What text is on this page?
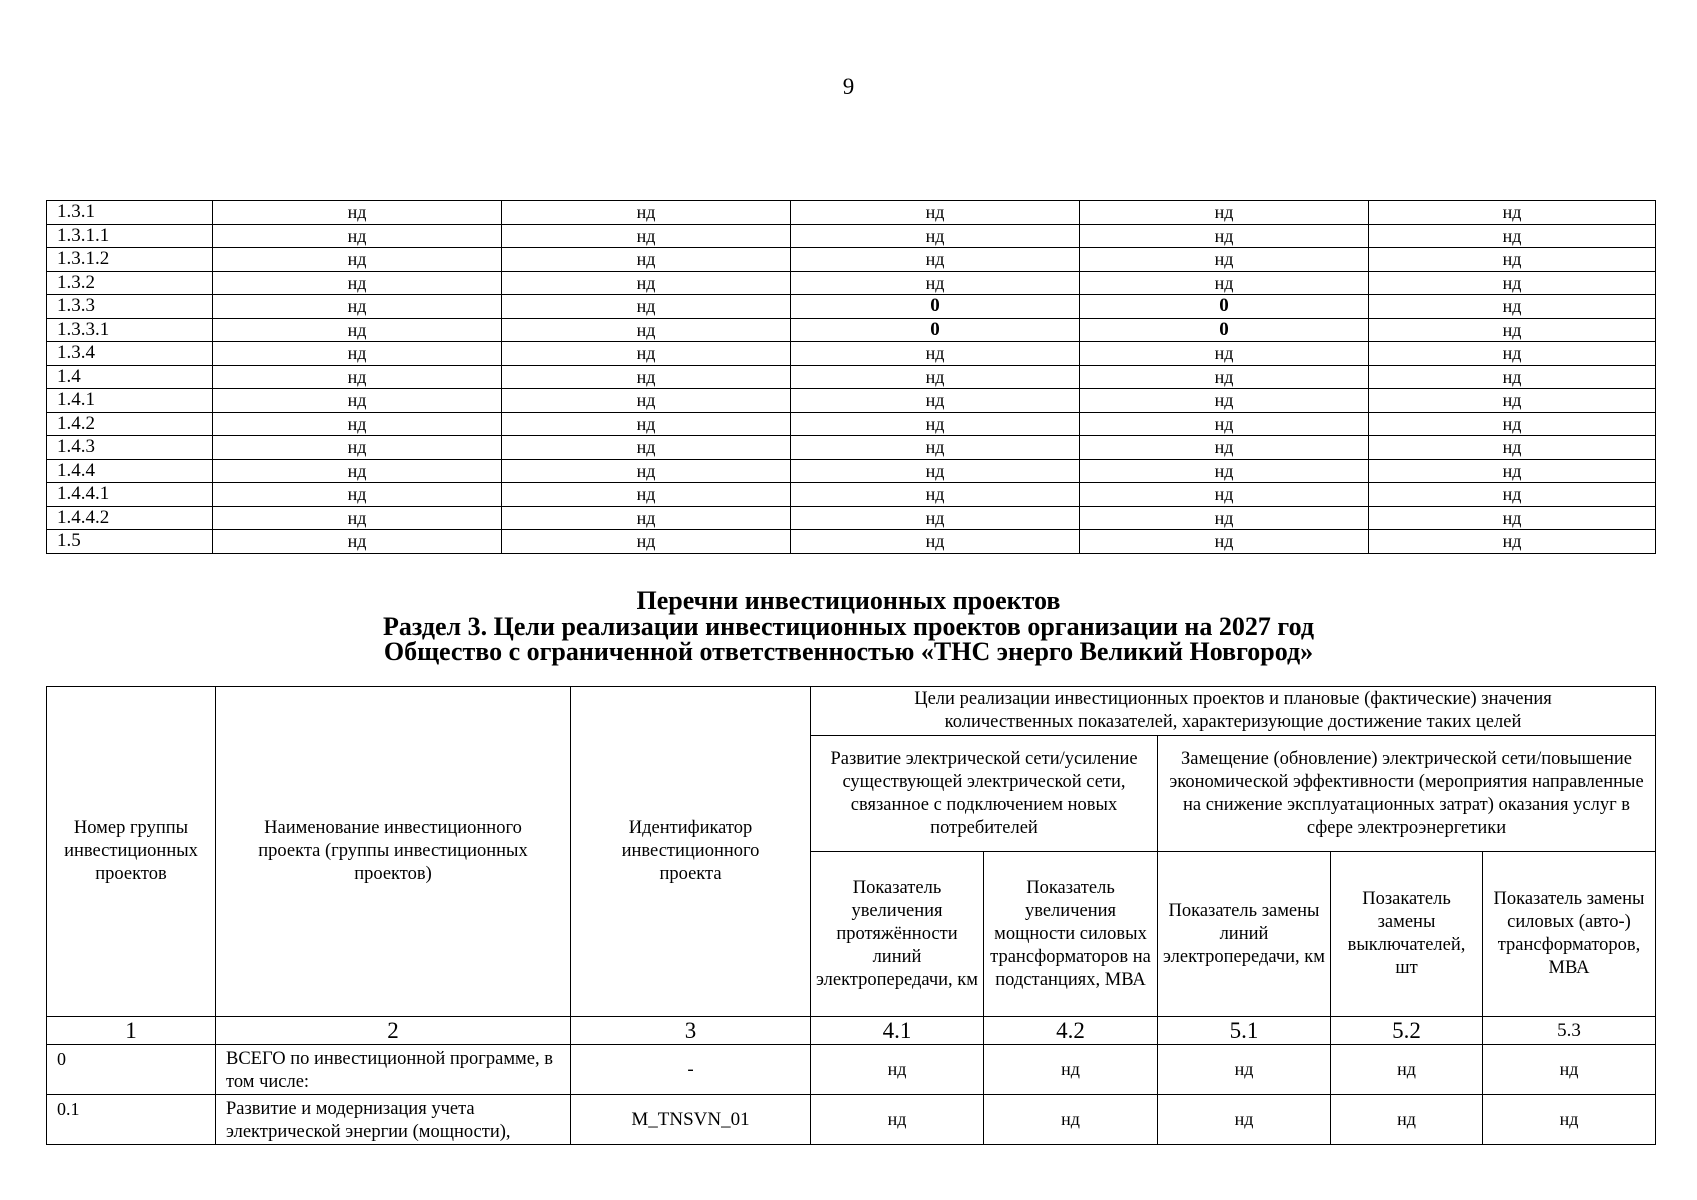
9
1.3.1	нд	нд	нд	нд	нд
1.3.1.1	нд	нд	нд	нд	нд
1.3.1.2	нд	нд	нд	нд	нд
1.3.2	нд	нд	нд	нд	нд
1.3.3	нд	нд	0	0	нд
1.3.3.1	нд	нд	0	0	нд
1.3.4	нд	нд	нд	нд	нд
1.4	нд	нд	нд	нд	нд
1.4.1	нд	нд	нд	нд	нд
1.4.2	нд	нд	нд	нд	нд
1.4.3	нд	нд	нд	нд	нд
1.4.4	нд	нд	нд	нд	нд
1.4.4.1	нд	нд	нд	нд	нд
1.4.4.2	нд	нд	нд	нд	нд
1.5	нд	нд	нд	нд	нд
Перечни инвестиционных проектов
Раздел 3. Цели реализации инвестиционных проектов организации на 2027 год
Общество с ограниченной ответственностью «ТНС энерго Великий Новгород»
Номер группы инвестиционных проектов	Наименование инвестиционного проекта (группы инвестиционных проектов)	Идентификатор инвестиционного проекта	Цели реализации инвестиционных проектов и плановые (фактические) значения количественных показателей, характеризующие достижение таких целей				
			Развитие электрической сети/усиление существующей электрической сети, связанное с подключением новых потребителей		Замещение (обновление) электрической сети/повышение экономической эффективности (мероприятия направленные на снижение эксплуатационных затрат) оказания услуг в сфере электроэнергетики		
			Показатель увеличения протяжённости линий электропередачи, км	Показатель увеличения мощности силовых трансформаторов на подстанциях, МВА	Показатель замены линий электропередачи, км	Позакатель замены выключателей, шт	Показатель замены силовых (авто-) трансформаторов, МВА
1	2	3	4.1	4.2	5.1	5.2	5.3
0	ВСЕГО по инвестиционной программе, в том числе:	-	нд	нд	нд	нд	нд
0.1	Развитие и модернизация учета электрической энергии (мощности),	M_TNSVN_01	нд	нд	нд	нд	нд
